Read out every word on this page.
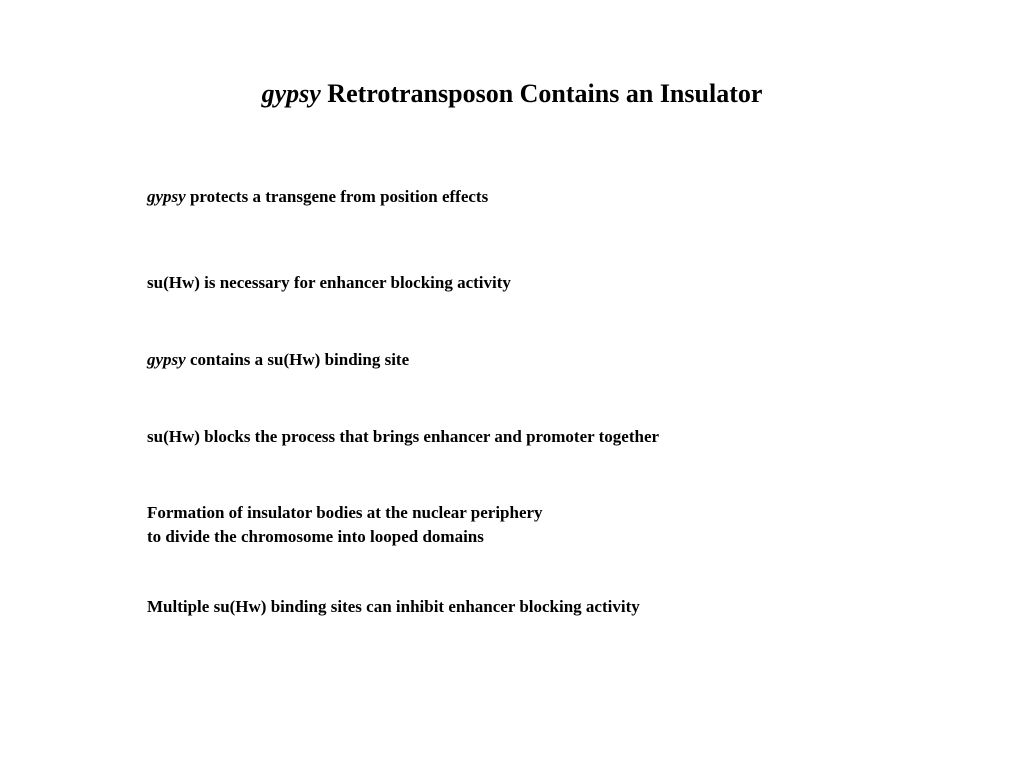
gypsy Retrotransposon Contains an Insulator
gypsy protects a transgene from position effects
su(Hw) is necessary for enhancer blocking activity
gypsy contains a su(Hw) binding site
su(Hw) blocks the process that brings enhancer and promoter together
Formation of insulator bodies at the nuclear periphery
to divide the chromosome into looped domains
Multiple su(Hw) binding sites can inhibit enhancer blocking activity
